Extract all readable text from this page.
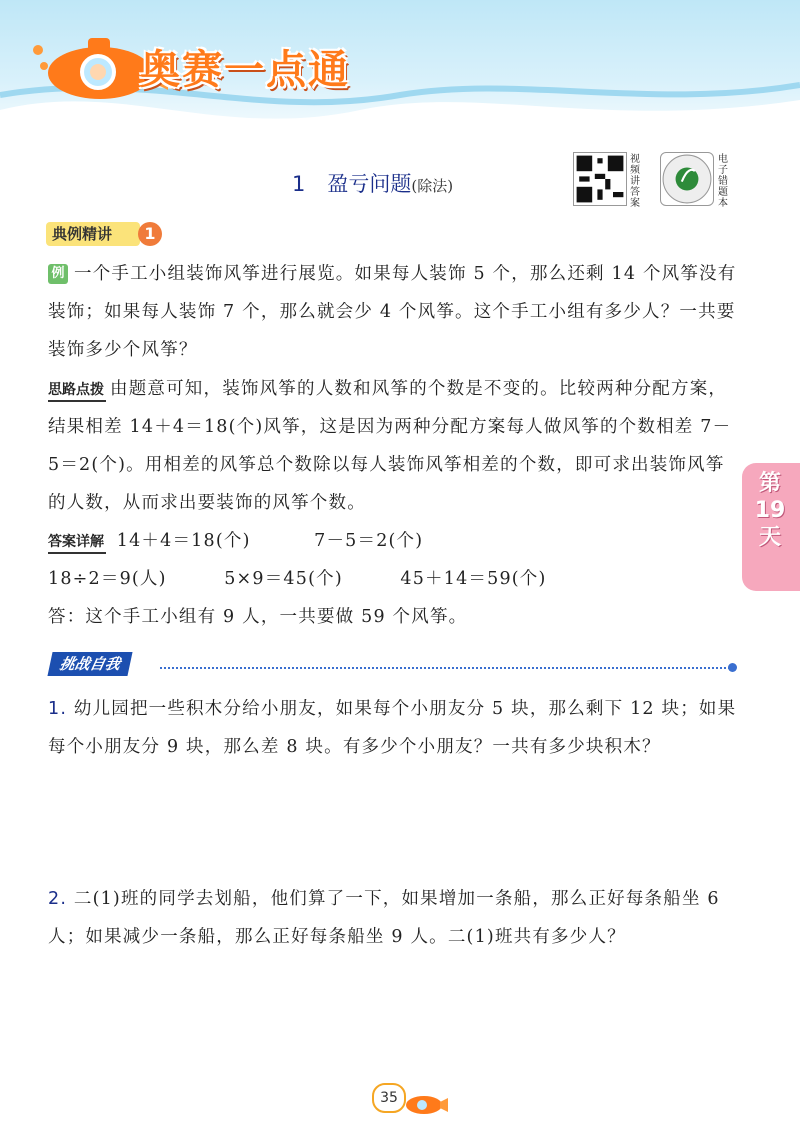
奥赛一点通
1 盈亏问题(除法)
视频讲答案
电子错题本
典例精讲	1
例 一个手工小组装饰风筝进行展览。如果每人装饰 5 个，那么还剩 14 个风筝没有装饰；如果每人装饰 7 个，那么就会少 4 个风筝。这个手工小组有多少人？一共要装饰多少个风筝？
思路点拨 由题意可知，装饰风筝的人数和风筝的个数是不变的。比较两种分配方案，结果相差 14＋4＝18(个)风筝，这是因为两种分配方案每人做风筝的个数相差 7－5＝2(个)。用相差的风筝总个数除以每人装饰风筝相差的个数，即可求出装饰风筝的人数，从而求出要装饰的风筝个数。
答案详解 14＋4＝18(个)	7－5＝2(个)
18÷2＝9(人)	5×9＝45(个)	45＋14＝59(个)
答：这个手工小组有 9 人，一共要做 59 个风筝。
挑战自我
1. 幼儿园把一些积木分给小朋友，如果每个小朋友分 5 块，那么剩下 12 块；如果每个小朋友分 9 块，那么差 8 块。有多少个小朋友？一共有多少块积木？
2. 二(1)班的同学去划船，他们算了一下，如果增加一条船，那么正好每条船坐 6 人；如果减少一条船，那么正好每条船坐 9 人。二(1)班共有多少人？
第19天
35
